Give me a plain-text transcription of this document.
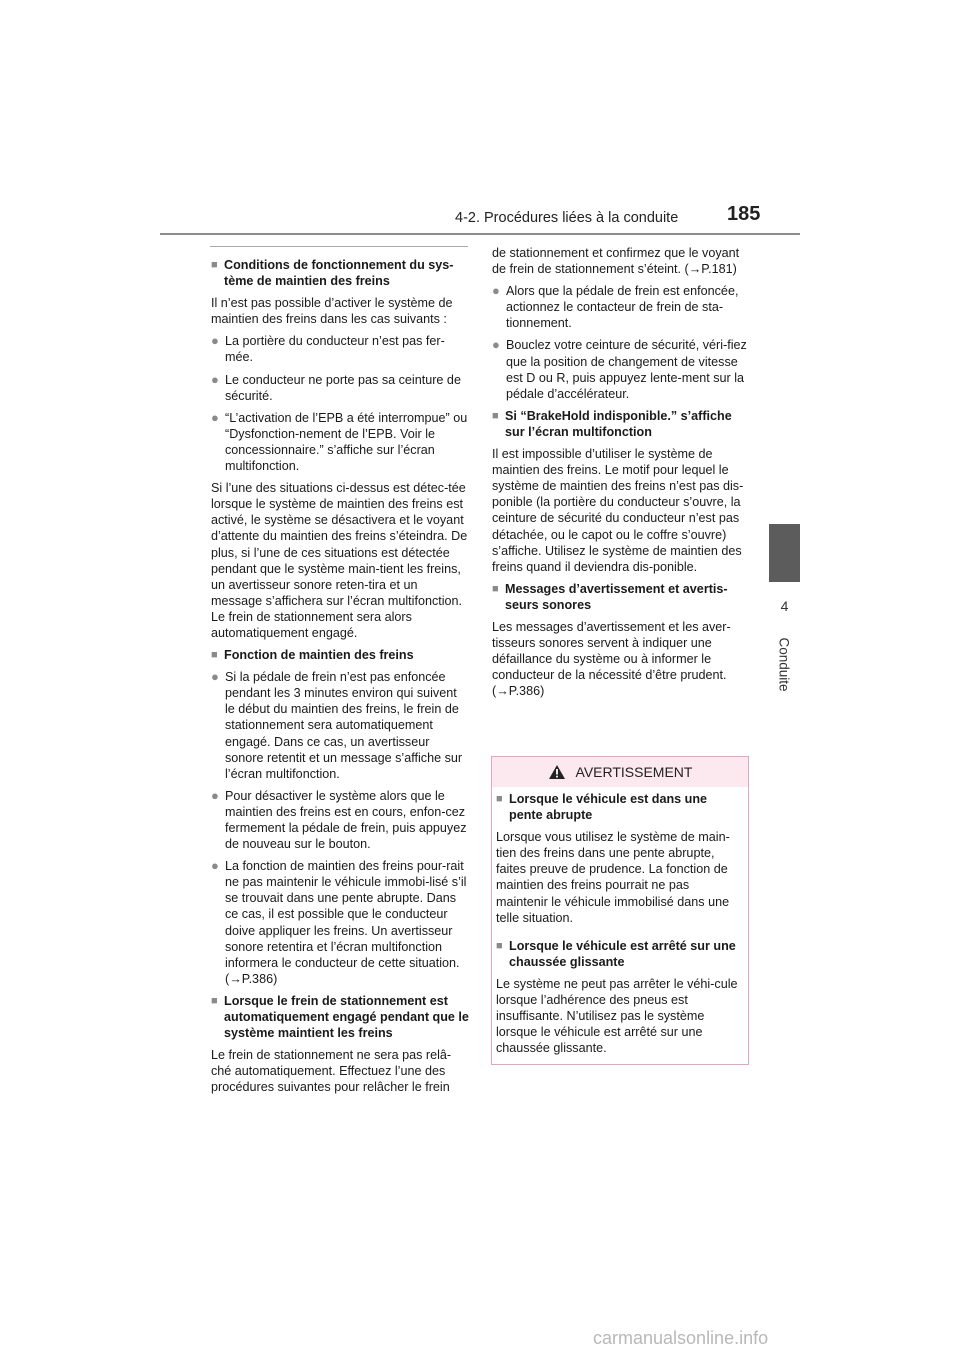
4-2. Procédures liées à la conduite	185
4
Conduite

■ Conditions de fonctionnement du sys-tème de maintien des freins

Il n’est pas possible d’activer le système de maintien des freins dans les cas suivants :

● La portière du conducteur n’est pas fer-mée.

● Le conducteur ne porte pas sa ceinture de sécurité.

● “L’activation de l’EPB a été interrompue” ou “Dysfonction-nement de l’EPB. Voir le concessionnaire.” s’affiche sur l’écran multifonction.

Si l’une des situations ci-dessus est détec-tée lorsque le système de maintien des freins est activé, le système se désactivera et le voyant d’attente du maintien des freins s’éteindra. De plus, si l’une de ces situations est détectée pendant que le système main-tient les freins, un avertisseur sonore reten-tira et un message s’affichera sur l’écran multifonction. Le frein de stationnement sera alors automatiquement engagé.

■ Fonction de maintien des freins

● Si la pédale de frein n’est pas enfoncée pendant les 3 minutes environ qui suivent le début du maintien des freins, le frein de stationnement sera automatiquement engagé. Dans ce cas, un avertisseur sonore retentit et un message s’affiche sur l’écran multifonction.

● Pour désactiver le système alors que le maintien des freins est en cours, enfon-cez fermement la pédale de frein, puis appuyez de nouveau sur le bouton.

● La fonction de maintien des freins pour-rait ne pas maintenir le véhicule immobi-lisé s’il se trouvait dans une pente abrupte. Dans ce cas, il est possible que le conducteur doive appliquer les freins. Un avertisseur sonore retentira et l’écran multifonction informera le conducteur de cette situation. (→P.386)

■ Lorsque le frein de stationnement est automatiquement engagé pendant que le système maintient les freins

Le frein de stationnement ne sera pas relâ-ché automatiquement. Effectuez l’une des procédures suivantes pour relâcher le frein

de stationnement et confirmez que le voyant de frein de stationnement s’éteint. (→P.181)

● Alors que la pédale de frein est enfoncée, actionnez le contacteur de frein de sta-tionnement.

● Bouclez votre ceinture de sécurité, véri-fiez que la position de changement de vitesse est D ou R, puis appuyez lente-ment sur la pédale d’accélérateur.

■ Si “BrakeHold indisponible.” s’affiche sur l’écran multifonction

Il est impossible d’utiliser le système de maintien des freins. Le motif pour lequel le système de maintien des freins n’est pas dis-ponible (la portière du conducteur s’ouvre, la ceinture de sécurité du conducteur n’est pas détachée, ou le capot ou le coffre s’ouvre) s’affiche. Utilisez le système de maintien des freins quand il deviendra dis-ponible.

■ Messages d’avertissement et avertis-seurs sonores

Les messages d’avertissement et les aver-tisseurs sonores servent à indiquer une défaillance du système ou à informer le conducteur de la nécessité d’être prudent. (→P.386)

AVERTISSEMENT

■ Lorsque le véhicule est dans une pente abrupte

Lorsque vous utilisez le système de main-tien des freins dans une pente abrupte, faites preuve de prudence. La fonction de maintien des freins pourrait ne pas maintenir le véhicule immobilisé dans une telle situation.

■ Lorsque le véhicule est arrêté sur une chaussée glissante

Le système ne peut pas arrêter le véhi-cule lorsque l’adhérence des pneus est insuffisante. N’utilisez pas le système lorsque le véhicule est arrêté sur une chaussée glissante.

carmanualsonline.info
